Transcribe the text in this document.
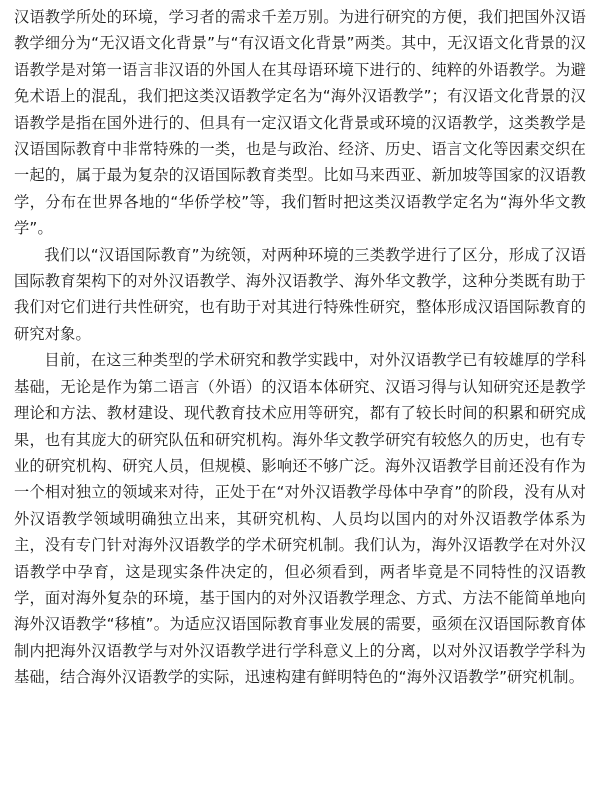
汉语教学所处的环境，学习者的需求千差万别。为进行研究的方便，我们把国外汉语教学细分为“无汉语文化背景”与“有汉语文化背景”两类。其中，无汉语文化背景的汉语教学是对第一语言非汉语的外国人在其母语环境下进行的、纯粹的外语教学。为避免术语上的混乱，我们把这类汉语教学定名为“海外汉语教学”；有汉语文化背景的汉语教学是指在国外进行的、但具有一定汉语文化背景或环境的汉语教学，这类教学是汉语国际教育中非常特殊的一类，也是与政治、经济、历史、语言文化等因素交织在一起的，属于最为复杂的汉语国际教育类型。比如马来西亚、新加坡等国家的汉语教学，分布在世界各地的“华侨学校”等，我们暂时把这类汉语教学定名为“海外华文教学”。

我们以“汉语国际教育”为统领，对两种环境的三类教学进行了区分，形成了汉语国际教育架构下的对外汉语教学、海外汉语教学、海外华文教学，这种分类既有助于我们对它们进行共性研究，也有助于对其进行特殊性研究，整体形成汉语国际教育的研究对象。

目前，在这三种类型的学术研究和教学实践中，对外汉语教学已有较雄厚的学科基础，无论是作为第二语言（外语）的汉语本体研究、汉语习得与认知研究还是教学理论和方法、教材建设、现代教育技术应用等研究，都有了较长时间的积累和研究成果，也有其庞大的研究队伍和研究机构。海外华文教学研究有较悠久的历史，也有专业的研究机构、研究人员，但规模、影响还不够广泛。海外汉语教学目前还没有作为一个相对独立的领域来对待，正处于在“对外汉语教学母体中孕育”的阶段，没有从对外汉语教学领域明确独立出来，其研究机构、人员均以国内的对外汉语教学体系为主，没有专门针对海外汉语教学的学术研究机制。我们认为，海外汉语教学在对外汉语教学中孕育，这是现实条件决定的，但必须看到，两者毕竟是不同特性的汉语教学，面对海外复杂的环境，基于国内的对外汉语教学理念、方式、方法不能简单地向海外汉语教学“移植”。为适应汉语国际教育事业发展的需要，亟须在汉语国际教育体制内把海外汉语教学与对外汉语教学进行学科意义上的分离，以对外汉语教学学科为基础，结合海外汉语教学的实际，迅速构建有鲜明特色的“海外汉语教学”研究机制。
